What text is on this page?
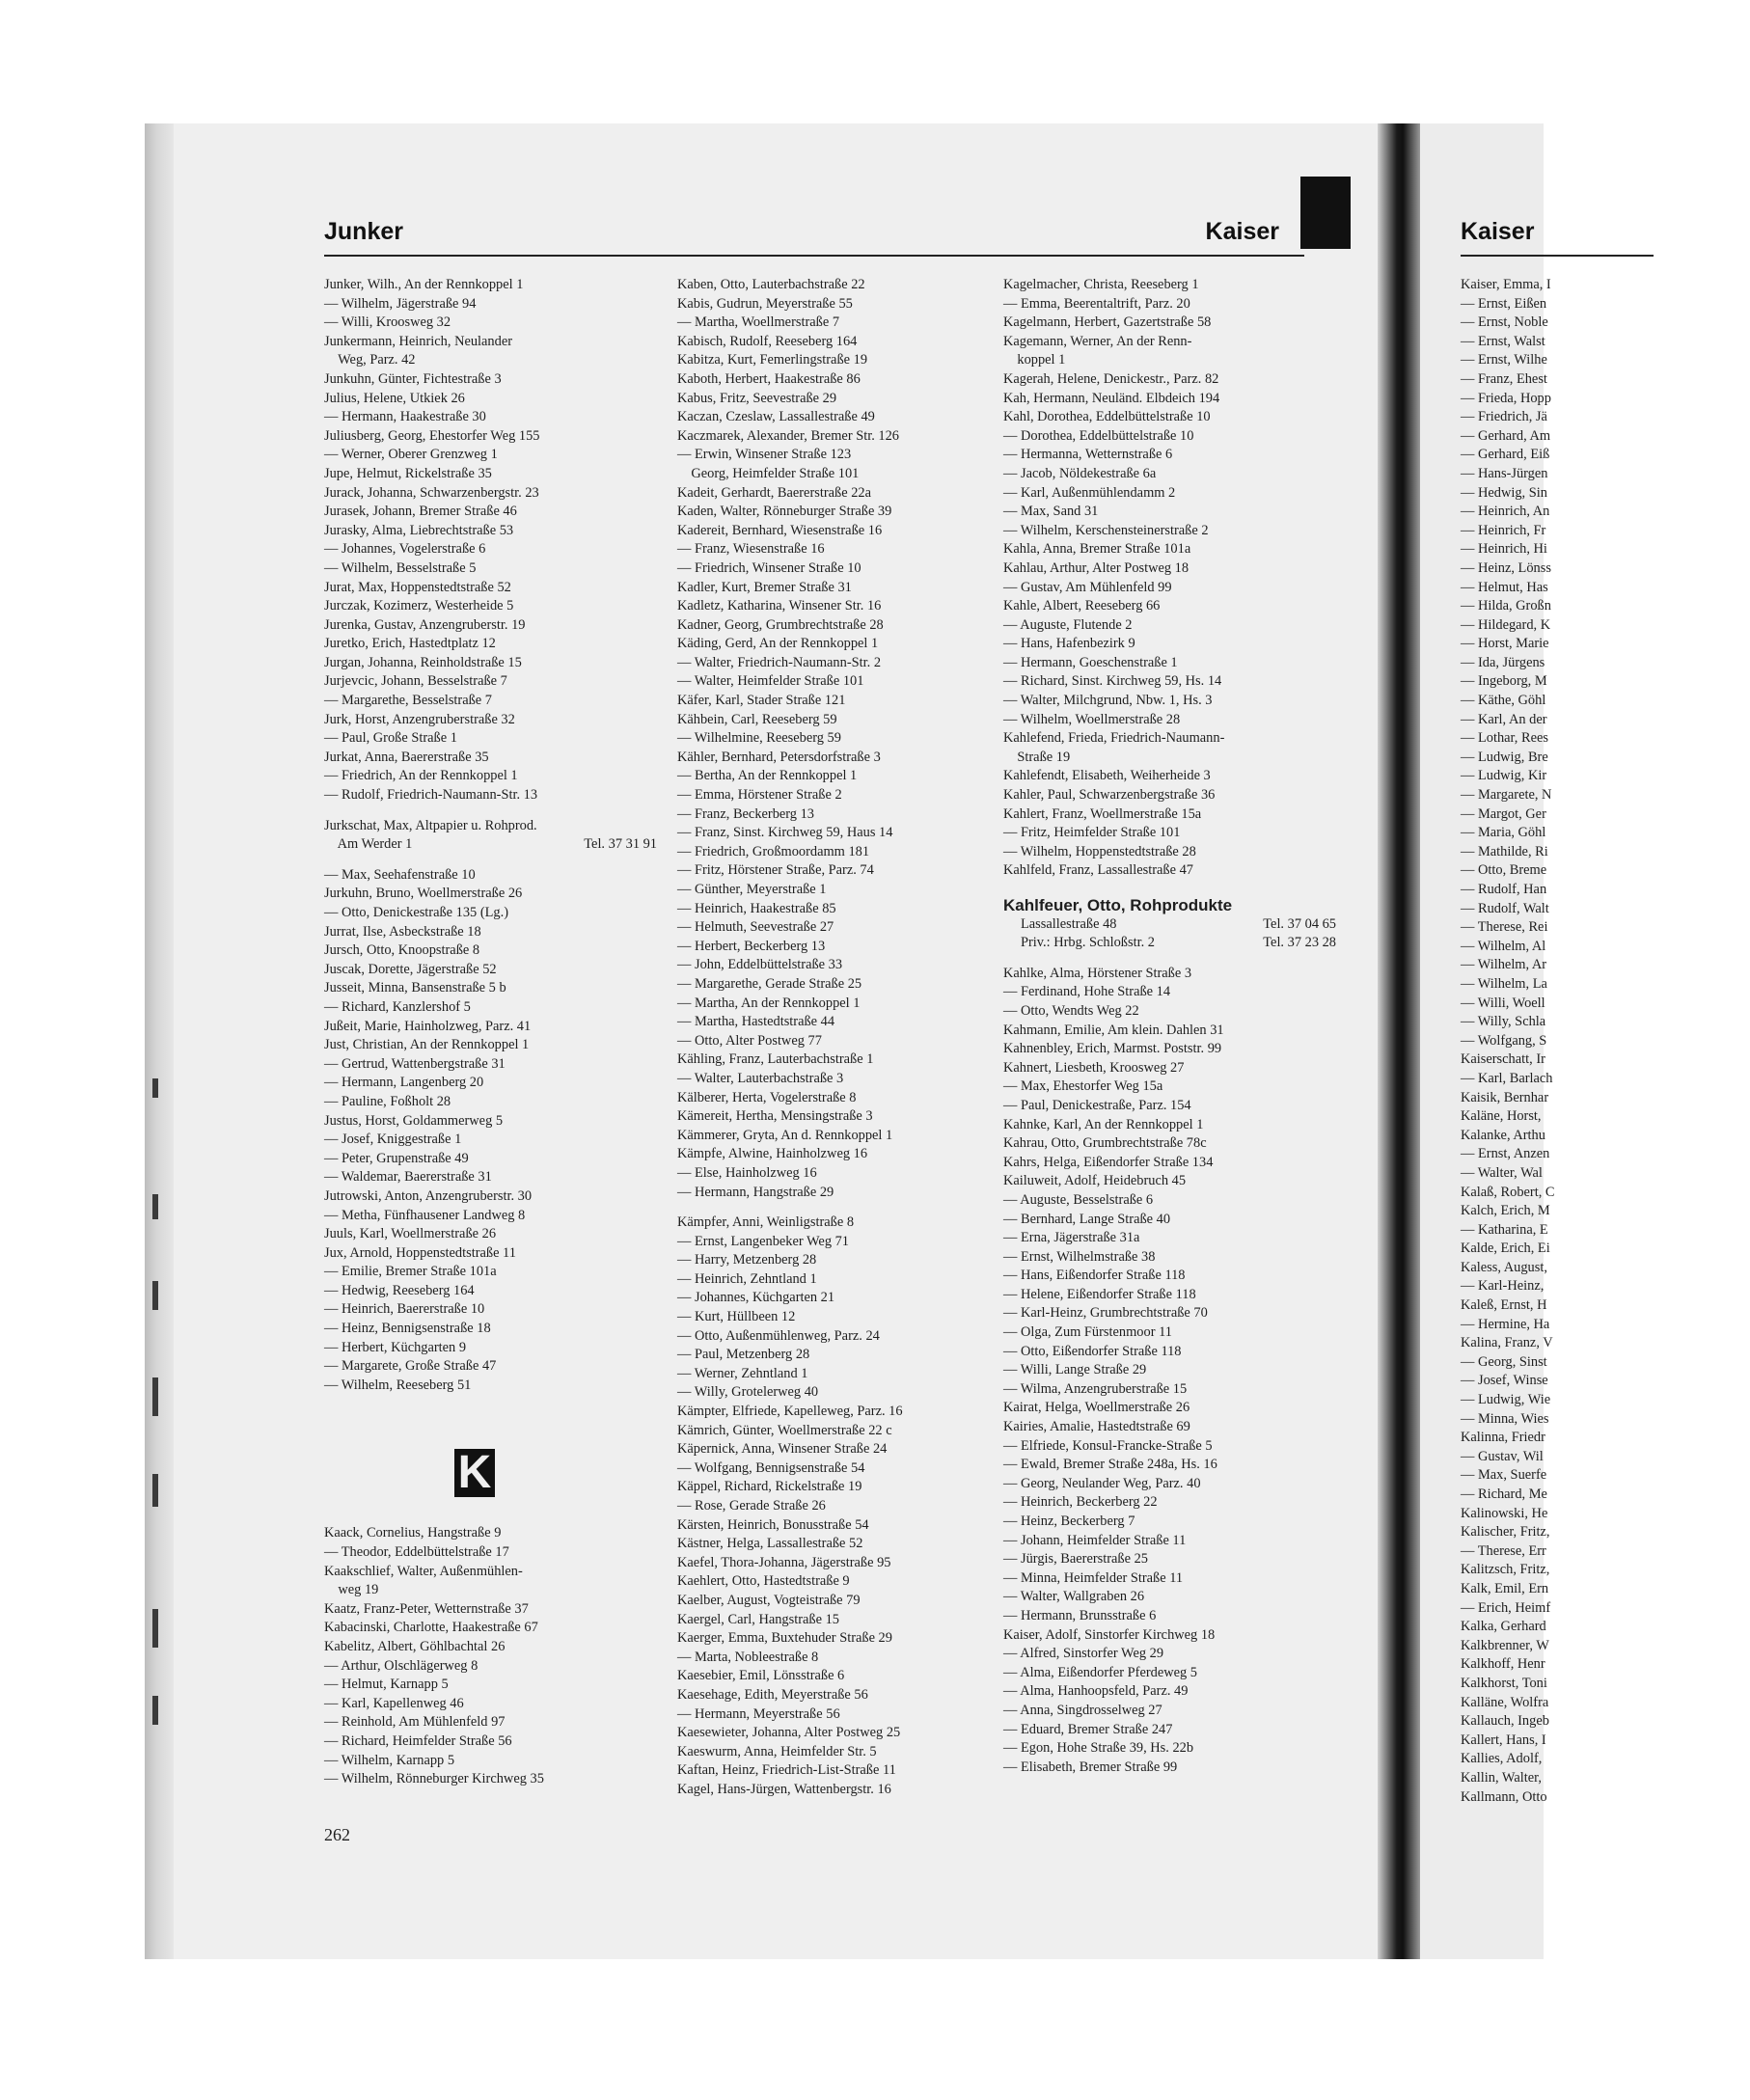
Junker	Kaiser
Junker, Wilh., An der Rennkoppel 1
— Wilhelm, Jägerstraße 94
— Willi, Kroosweg 32
Junkermann, Heinrich, Neulander
Weg, Parz. 42
Junkuhn, Günter, Fichtestraße 3
Julius, Helene, Utkiek 26
— Hermann, Haakestraße 30
Juliusberg, Georg, Ehestorfer Weg 155
— Werner, Oberer Grenzweg 1
Jupe, Helmut, Rickelstraße 35
Jurack, Johanna, Schwarzenbergstr. 23
Jurasek, Johann, Bremer Straße 46
Jurasky, Alma, Liebrechtstraße 53
— Johannes, Vogelerstraße 6
— Wilhelm, Besselstraße 5
Jurat, Max, Hoppenstedtstraße 52
Jurczak, Kozimerz, Westerheide 5
Jurenka, Gustav, Anzengruberstr. 19
Juretko, Erich, Hastedtplatz 12
Jurgan, Johanna, Reinholdstraße 15
Jurjevcic, Johann, Besselstraße 7
— Margarethe, Besselstraße 7
Jurk, Horst, Anzengruberstraße 32
— Paul, Große Straße 1
Jurkat, Anna, Baererstraße 35
— Friedrich, An der Rennkoppel 1
— Rudolf, Friedrich-Naumann-Str. 13
Jurkschat, Max, Altpapier u. Rohprod.
Am Werder 1	Tel. 37 31 91
— Max, Seehafenstraße 10
Jurkuhn, Bruno, Woellmerstraße 26
— Otto, Denickestraße 135 (Lg.)
Jurrat, Ilse, Asbeckstraße 18
Jursch, Otto, Knoopstraße 8
Juscak, Dorette, Jägerstraße 52
Jusseit, Minna, Bansenstraße 5 b
— Richard, Kanzlershof 5
Jußeit, Marie, Hainholzweg, Parz. 41
Just, Christian, An der Rennkoppel 1
— Gertrud, Wattenbergstraße 31
— Hermann, Langenberg 20
— Pauline, Foßholt 28
Justus, Horst, Goldammerweg 5
— Josef, Kniggestraße 1
— Peter, Grupenstraße 49
— Waldemar, Baererstraße 31
Jutrowski, Anton, Anzengruberstr. 30
— Metha, Fünfhausener Landweg 8
Juuls, Karl, Woellmerstraße 26
Jux, Arnold, Hoppenstedtstraße 11
— Emilie, Bremer Straße 101a
— Hedwig, Reeseberg 164
— Heinrich, Baererstraße 10
— Heinz, Bennigsenstraße 18
— Herbert, Küchgarten 9
— Margarete, Große Straße 47
— Wilhelm, Reeseberg 51
K
Kaack, Cornelius, Hangstraße 9
— Theodor, Eddelbüttelstraße 17
Kaakschlief, Walter, Außenmühlen-
weg 19
Kaatz, Franz-Peter, Wetternstraße 37
Kabacinski, Charlotte, Haakestraße 67
Kabelitz, Albert, Göhlbachtal 26
— Arthur, Olschlägerweg 8
— Helmut, Karnapp 5
— Karl, Kapellenweg 46
— Reinhold, Am Mühlenfeld 97
— Richard, Heimfelder Straße 56
— Wilhelm, Karnapp 5
— Wilhelm, Rönneburger Kirchweg 35
Kaben, Otto, Lauterbachstraße 22
Kabis, Gudrun, Meyerstraße 55
— Martha, Woellmerstraße 7
Kabisch, Rudolf, Reeseberg 164
Kabitza, Kurt, Femerlingstraße 19
Kaboth, Herbert, Haakestraße 86
Kabus, Fritz, Seevestraße 29
Kaczan, Czeslaw, Lassallestraße 49
Kaczmarek, Alexander, Bremer Str. 126
— Erwin, Winsener Straße 123
Georg, Heimfelder Straße 101
Kadeit, Gerhardt, Baererstraße 22a
Kaden, Walter, Rönneburger Straße 39
Kadereit, Bernhard, Wiesenstraße 16
— Franz, Wiesenstraße 16
— Friedrich, Winsener Straße 10
Kadler, Kurt, Bremer Straße 31
Kadletz, Katharina, Winsener Str. 16
Kadner, Georg, Grumbrechtstraße 28
Käding, Gerd, An der Rennkoppel 1
— Walter, Friedrich-Naumann-Str. 2
— Walter, Heimfelder Straße 101
Käfer, Karl, Stader Straße 121
Kähbein, Carl, Reeseberg 59
— Wilhelmine, Reeseberg 59
Kähler, Bernhard, Petersdorfstraße 3
— Bertha, An der Rennkoppel 1
— Emma, Hörstener Straße 2
— Franz, Beckerberg 13
— Franz, Sinst. Kirchweg 59, Haus 14
— Friedrich, Großmoordamm 181
— Fritz, Hörstener Straße, Parz. 74
— Günther, Meyerstraße 1
— Heinrich, Haakestraße 85
— Helmuth, Seevestraße 27
— Herbert, Beckerberg 13
— John, Eddelbüttelstraße 33
— Margarethe, Gerade Straße 25
— Martha, An der Rennkoppel 1
— Martha, Hastedtstraße 44
— Otto, Alter Postweg 77
Kähling, Franz, Lauterbachstraße 1
— Walter, Lauterbachstraße 3
Kälberer, Herta, Vogelerstraße 8
Kämereit, Hertha, Mensingstraße 3
Kämmerer, Gryta, An d. Rennkoppel 1
Kämpfe, Alwine, Hainholzweg 16
— Else, Hainholzweg 16
— Hermann, Hangstraße 29
Kämpfer, Anni, Weinligstraße 8
— Ernst, Langenbeker Weg 71
— Harry, Metzenberg 28
— Heinrich, Zehntland 1
— Johannes, Küchgarten 21
— Kurt, Hüllbeen 12
— Otto, Außenmühlenweg, Parz. 24
— Paul, Metzenberg 28
— Werner, Zehntland 1
— Willy, Grotelerweg 40
Kämpter, Elfriede, Kapelleweg, Parz. 16
Kämrich, Günter, Woellmerstraße 22 c
Käpernick, Anna, Winsener Straße 24
— Wolfgang, Bennigsenstraße 54
Käppel, Richard, Rickelstraße 19
— Rose, Gerade Straße 26
Kärsten, Heinrich, Bonusstraße 54
Kästner, Helga, Lassallestraße 52
Kaefel, Thora-Johanna, Jägerstraße 95
Kaehlert, Otto, Hastedtstraße 9
Kaelber, August, Vogteistraße 79
Kaergel, Carl, Hangstraße 15
Kaerger, Emma, Buxtehuder Straße 29
— Marta, Nobleestraße 8
Kaesebier, Emil, Lönsstraße 6
Kaesehage, Edith, Meyerstraße 56
— Hermann, Meyerstraße 56
Kaesewieter, Johanna, Alter Postweg 25
Kaeswurm, Anna, Heimfelder Str. 5
Kaftan, Heinz, Friedrich-List-Straße 11
Kagel, Hans-Jürgen, Wattenbergstr. 16
Kagelmacher, Christa, Reeseberg 1
— Emma, Beerentaltrift, Parz. 20
Kagelmann, Herbert, Gazertstraße 58
Kagemann, Werner, An der Renn-
koppel 1
Kagerah, Helene, Denickestr., Parz. 82
Kah, Hermann, Neuländ. Elbdeich 194
Kahl, Dorothea, Eddelbüttelstraße 10
— Dorothea, Eddelbüttelstraße 10
— Hermanna, Wetternstraße 6
— Jacob, Nöldekestraße 6a
— Karl, Außenmühlendamm 2
— Max, Sand 31
— Wilhelm, Kerschensteinerstraße 2
Kahla, Anna, Bremer Straße 101a
Kahlau, Arthur, Alter Postweg 18
— Gustav, Am Mühlenfeld 99
Kahle, Albert, Reeseberg 66
— Auguste, Flutende 2
— Hans, Hafenbezirk 9
— Hermann, Goeschenstraße 1
— Richard, Sinst. Kirchweg 59, Hs. 14
— Walter, Milchgrund, Nbw. 1, Hs. 3
— Wilhelm, Woellmerstraße 28
Kahlefend, Frieda, Friedrich-Naumann-
Straße 19
Kahlefendt, Elisabeth, Weiherheide 3
Kahler, Paul, Schwarzenbergstraße 36
Kahlert, Franz, Woellmerstraße 15a
— Fritz, Heimfelder Straße 101
— Wilhelm, Hoppenstedtstraße 28
Kahlfeld, Franz, Lassallestraße 47
Kahlfeuer, Otto, Rohprodukte
Lassallestraße 48	Tel. 37 04 65
Priv.: Hrbg. Schloßstr. 2	Tel. 37 23 28
Kahlke, Alma, Hörstener Straße 3
— Ferdinand, Hohe Straße 14
— Otto, Wendts Weg 22
Kahmann, Emilie, Am klein. Dahlen 31
Kahnenbley, Erich, Marmst. Poststr. 99
Kahnert, Liesbeth, Kroosweg 27
— Max, Ehestorfer Weg 15a
— Paul, Denickestraße, Parz. 154
Kahnke, Karl, An der Rennkoppel 1
Kahrau, Otto, Grumbrechtstraße 78c
Kahrs, Helga, Eißendorfer Straße 134
Kailuweit, Adolf, Heidebruch 45
— Auguste, Besselstraße 6
— Bernhard, Lange Straße 40
— Erna, Jägerstraße 31a
— Ernst, Wilhelmstraße 38
— Hans, Eißendorfer Straße 118
— Helene, Eißendorfer Straße 118
— Karl-Heinz, Grumbrechtstraße 70
— Olga, Zum Fürstenmoor 11
— Otto, Eißendorfer Straße 118
— Willi, Lange Straße 29
— Wilma, Anzengruberstraße 15
Kairat, Helga, Woellmerstraße 26
Kairies, Amalie, Hastedtstraße 69
— Elfriede, Konsul-Francke-Straße 5
— Ewald, Bremer Straße 248a, Hs. 16
— Georg, Neulander Weg, Parz. 40
— Heinrich, Beckerberg 22
— Heinz, Beckerberg 7
— Johann, Heimfelder Straße 11
— Jürgis, Baererstraße 25
— Minna, Heimfelder Straße 11
— Walter, Wallgraben 26
— Hermann, Brunsstraße 6
Kaiser, Adolf, Sinstorfer Kirchweg 18
— Alfred, Sinstorfer Weg 29
— Alma, Eißendorfer Pferdeweg 5
— Alma, Hanhoopsfeld, Parz. 49
— Anna, Singdrosselweg 27
— Eduard, Bremer Straße 247
— Egon, Hohe Straße 39, Hs. 22b
— Elisabeth, Bremer Straße 99
262
Kaiser
Kaiser, Emma, I
— Ernst, Eißen
— Ernst, Noble
— Ernst, Walst
— Ernst, Wilhe
— Franz, Ehest
— Frieda, Hopp
— Friedrich, Jä
— Gerhard, Am
— Gerhard, Eiß
— Hans-Jürgen
— Hedwig, Sin
— Heinrich, An
— Heinrich, Fr
— Heinrich, Hi
— Heinz, Lönss
— Helmut, Has
— Hilda, Großn
— Hildegard, K
— Horst, Marie
— Ida, Jürgens
— Ingeborg, M
— Käthe, Göhl
— Karl, An der
— Lothar, Rees
— Ludwig, Bre
— Ludwig, Kir
— Margarete, N
— Margot, Ger
— Maria, Göhl
— Mathilde, Ri
— Otto, Breme
— Rudolf, Han
— Rudolf, Walt
— Therese, Rei
— Wilhelm, Al
— Wilhelm, Ar
— Wilhelm, La
— Willi, Woell
— Willy, Schla
— Wolfgang, S
Kaiserschatt, Ir
— Karl, Barlach
Kaisik, Bernhar
Kaläne, Horst,
Kalanke, Arthu
— Ernst, Anzen
— Walter, Wal
Kalaß, Robert, C
Kalch, Erich, M
— Katharina, E
Kalde, Erich, Ei
Kaless, August,
— Karl-Heinz,
Kaleß, Ernst, H
— Hermine, Ha
Kalina, Franz, V
— Georg, Sinst
— Josef, Winse
— Ludwig, Wie
— Minna, Wies
Kalinna, Friedr
— Gustav, Wil
— Max, Suerfe
— Richard, Me
Kalinowski, He
Kalischer, Fritz,
— Therese, Err
Kalitzsch, Fritz,
Kalk, Emil, Ern
— Erich, Heimf
Kalka, Gerhard
Kalkbrenner, W
Kalkhoff, Henr
Kalkhorst, Toni
Kalläne, Wolfra
Kallauch, Ingeb
Kallert, Hans, I
Kallies, Adolf,
Kallin, Walter,
Kallmann, Otto
